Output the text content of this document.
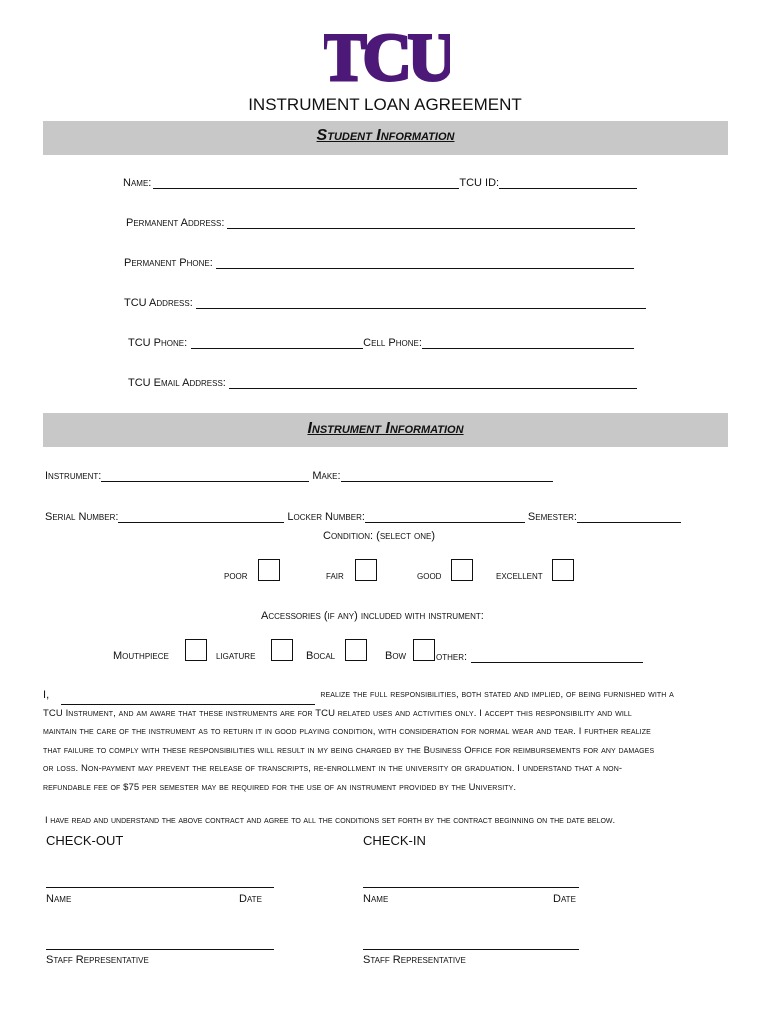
TCU
INSTRUMENT LOAN AGREEMENT
Student Information
Name:	TCU ID:
Permanent Address:
Permanent Phone:
TCU Address:
TCU Phone:	Cell Phone:
TCU Email Address:
Instrument Information
Instrument:	Make:
Serial Number:	Locker Number:	Semester:
Condition: (select one)
poor	fair	good	excellent
Accessories (if any) included with instrument:
Mouthpiece	ligature	Bocal	Bow	other:
I,	realize the full responsibilities, both stated and implied, of being furnished with a
TCU Instrument, and am aware that these instruments are for TCU related uses and activities only. I accept this responsibility and will
maintain the care of the instrument as to return it in good playing condition, with consideration for normal wear and tear. I further realize
that failure to comply with these responsibilities will result in my being charged by the Business Office for reimbursements for any damages
or loss. Non-payment may prevent the release of transcripts, re-enrollment in the university or graduation. I understand that a non-
refundable fee of $75 per semester may be required for the use of an instrument provided by the University.
I have read and understand the above contract and agree to all the conditions set forth by the contract beginning on the date below.
CHECK-OUT	CHECK-IN
Name	Date	Name	Date
Staff Representative	Staff Representative
